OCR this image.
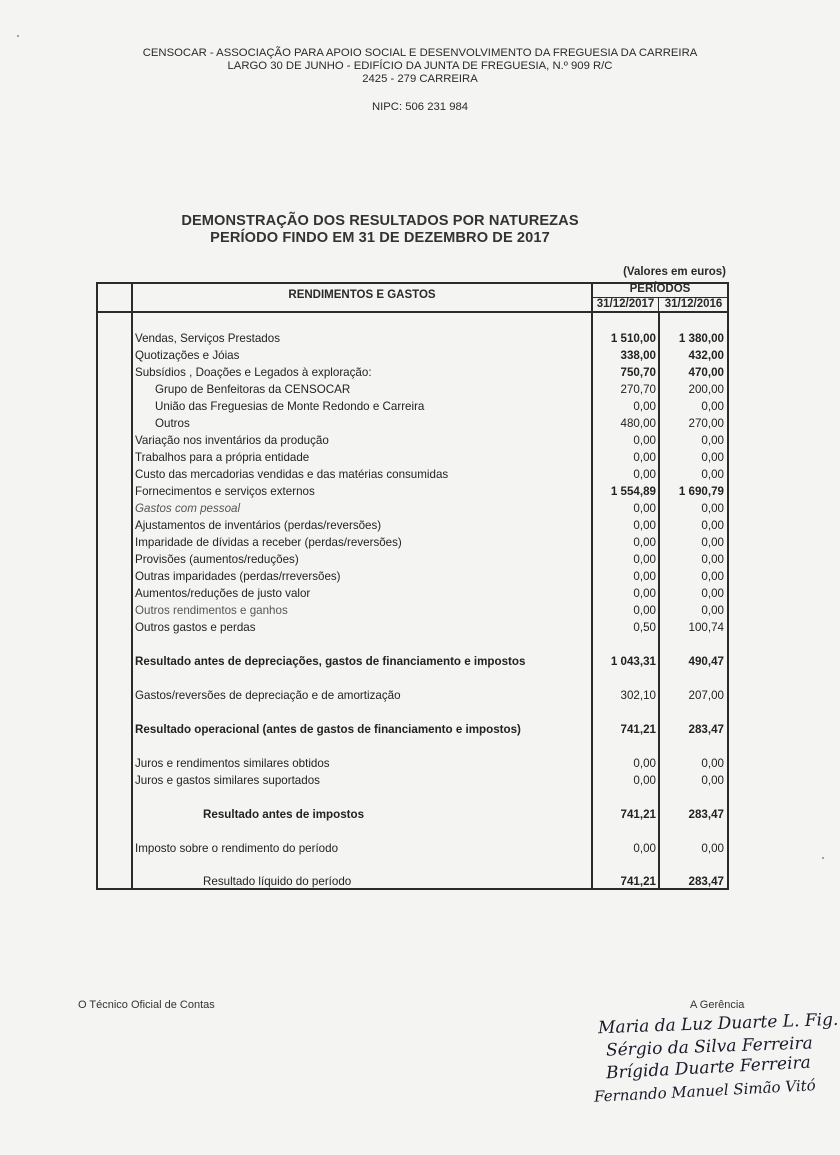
CENSOCAR - ASSOCIAÇÃO PARA APOIO SOCIAL E DESENVOLVIMENTO DA FREGUESIA DA CARREIRA
LARGO 30 DE JUNHO - EDIFÍCIO DA JUNTA DE FREGUESIA, N.º 909 R/C
2425 - 279 CARREIRA
NIPC: 506 231 984
DEMONSTRAÇÃO DOS RESULTADOS POR NATUREZAS
PERÍODO FINDO EM 31 DE DEZEMBRO DE 2017
(Valores em euros)
RENDIMENTOS E GASTOS	PERÍODOS
31/12/2017 31/12/2016
Vendas, Serviços Prestados	1 510,00	1 380,00
Quotizações e Jóias	338,00	432,00
Subsídios , Doações e Legados à exploração:	750,70	470,00
Grupo de Benfeitoras da CENSOCAR	270,70	200,00
União das Freguesias de Monte Redondo e Carreira	0,00	0,00
Outros	480,00	270,00
Variação nos inventários da produção	0,00	0,00
Trabalhos para a própria entidade	0,00	0,00
Custo das mercadorias vendidas e das matérias consumidas	0,00	0,00
Fornecimentos e serviços externos	1 554,89	1 690,79
Gastos com pessoal	0,00	0,00
Ajustamentos de inventários (perdas/reversões)	0,00	0,00
Imparidade de dívidas a receber (perdas/reversões)	0,00	0,00
Provisões (aumentos/reduções)	0,00	0,00
Outras imparidades (perdas/rreversões)	0,00	0,00
Aumentos/reduções de justo valor	0,00	0,00
Outros rendimentos e ganhos	0,00	0,00
Outros gastos e perdas	0,50	100,74
Resultado antes de depreciações, gastos de financiamento e impostos	1 043,31	490,47
Gastos/reversões de depreciação e de amortização	302,10	207,00
Resultado operacional (antes de gastos de financiamento e impostos)	741,21	283,47
Juros e rendimentos similares obtidos	0,00	0,00
Juros e gastos similares suportados	0,00	0,00
Resultado antes de impostos	741,21	283,47
Imposto sobre o rendimento do período	0,00	0,00
Resultado líquido do período	741,21	283,47
O Técnico Oficial de Contas	A Gerência
Maria da Luz Duarte L. Fig.
Sérgio da Silva Ferreira
Brígida Duarte Ferreira
Fernando Manuel Simão Vitó
